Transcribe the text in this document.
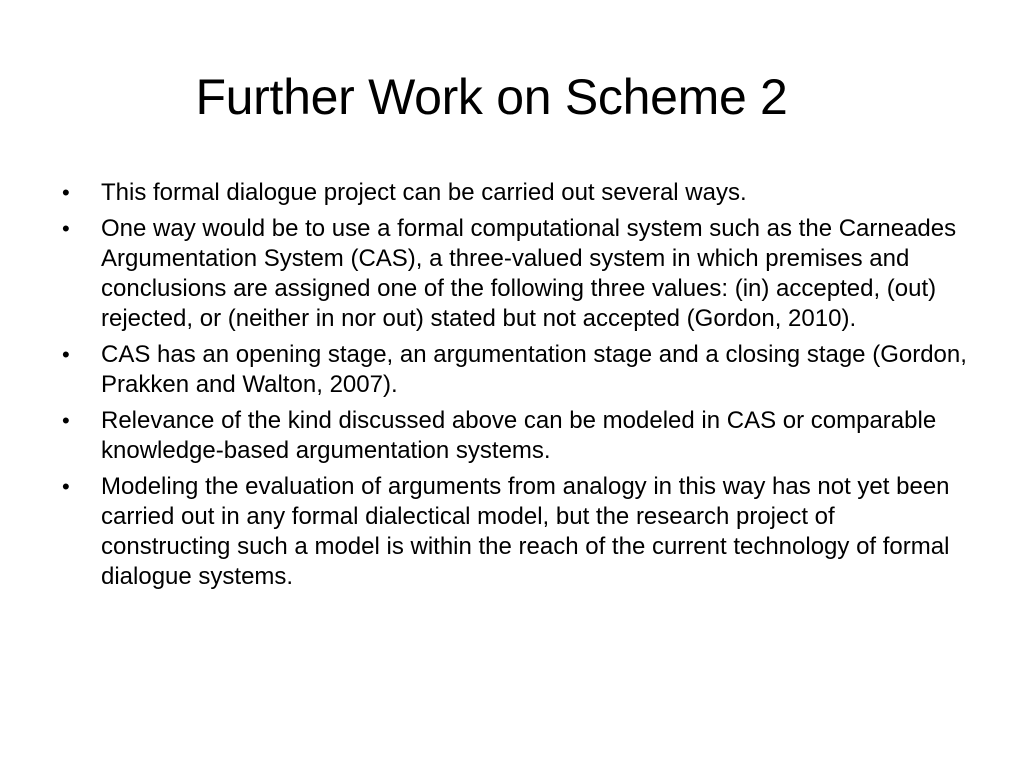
Further Work on Scheme 2
•	This formal dialogue project can be carried out several ways.
•	One way would be to use a formal computational system such as the Carneades Argumentation System (CAS), a three-valued system in which premises and conclusions are assigned one of the following three values: (in) accepted, (out) rejected, or (neither in nor out) stated but not accepted (Gordon, 2010).
•	CAS has an opening stage, an argumentation stage and a closing stage (Gordon, Prakken and Walton, 2007).
•	Relevance of the kind discussed above can be modeled in CAS or comparable knowledge-based argumentation systems.
•	Modeling the evaluation of arguments from analogy in this way has not yet been carried out in any formal dialectical model, but the research project of constructing such a model is within the reach of the current technology of formal dialogue systems.
